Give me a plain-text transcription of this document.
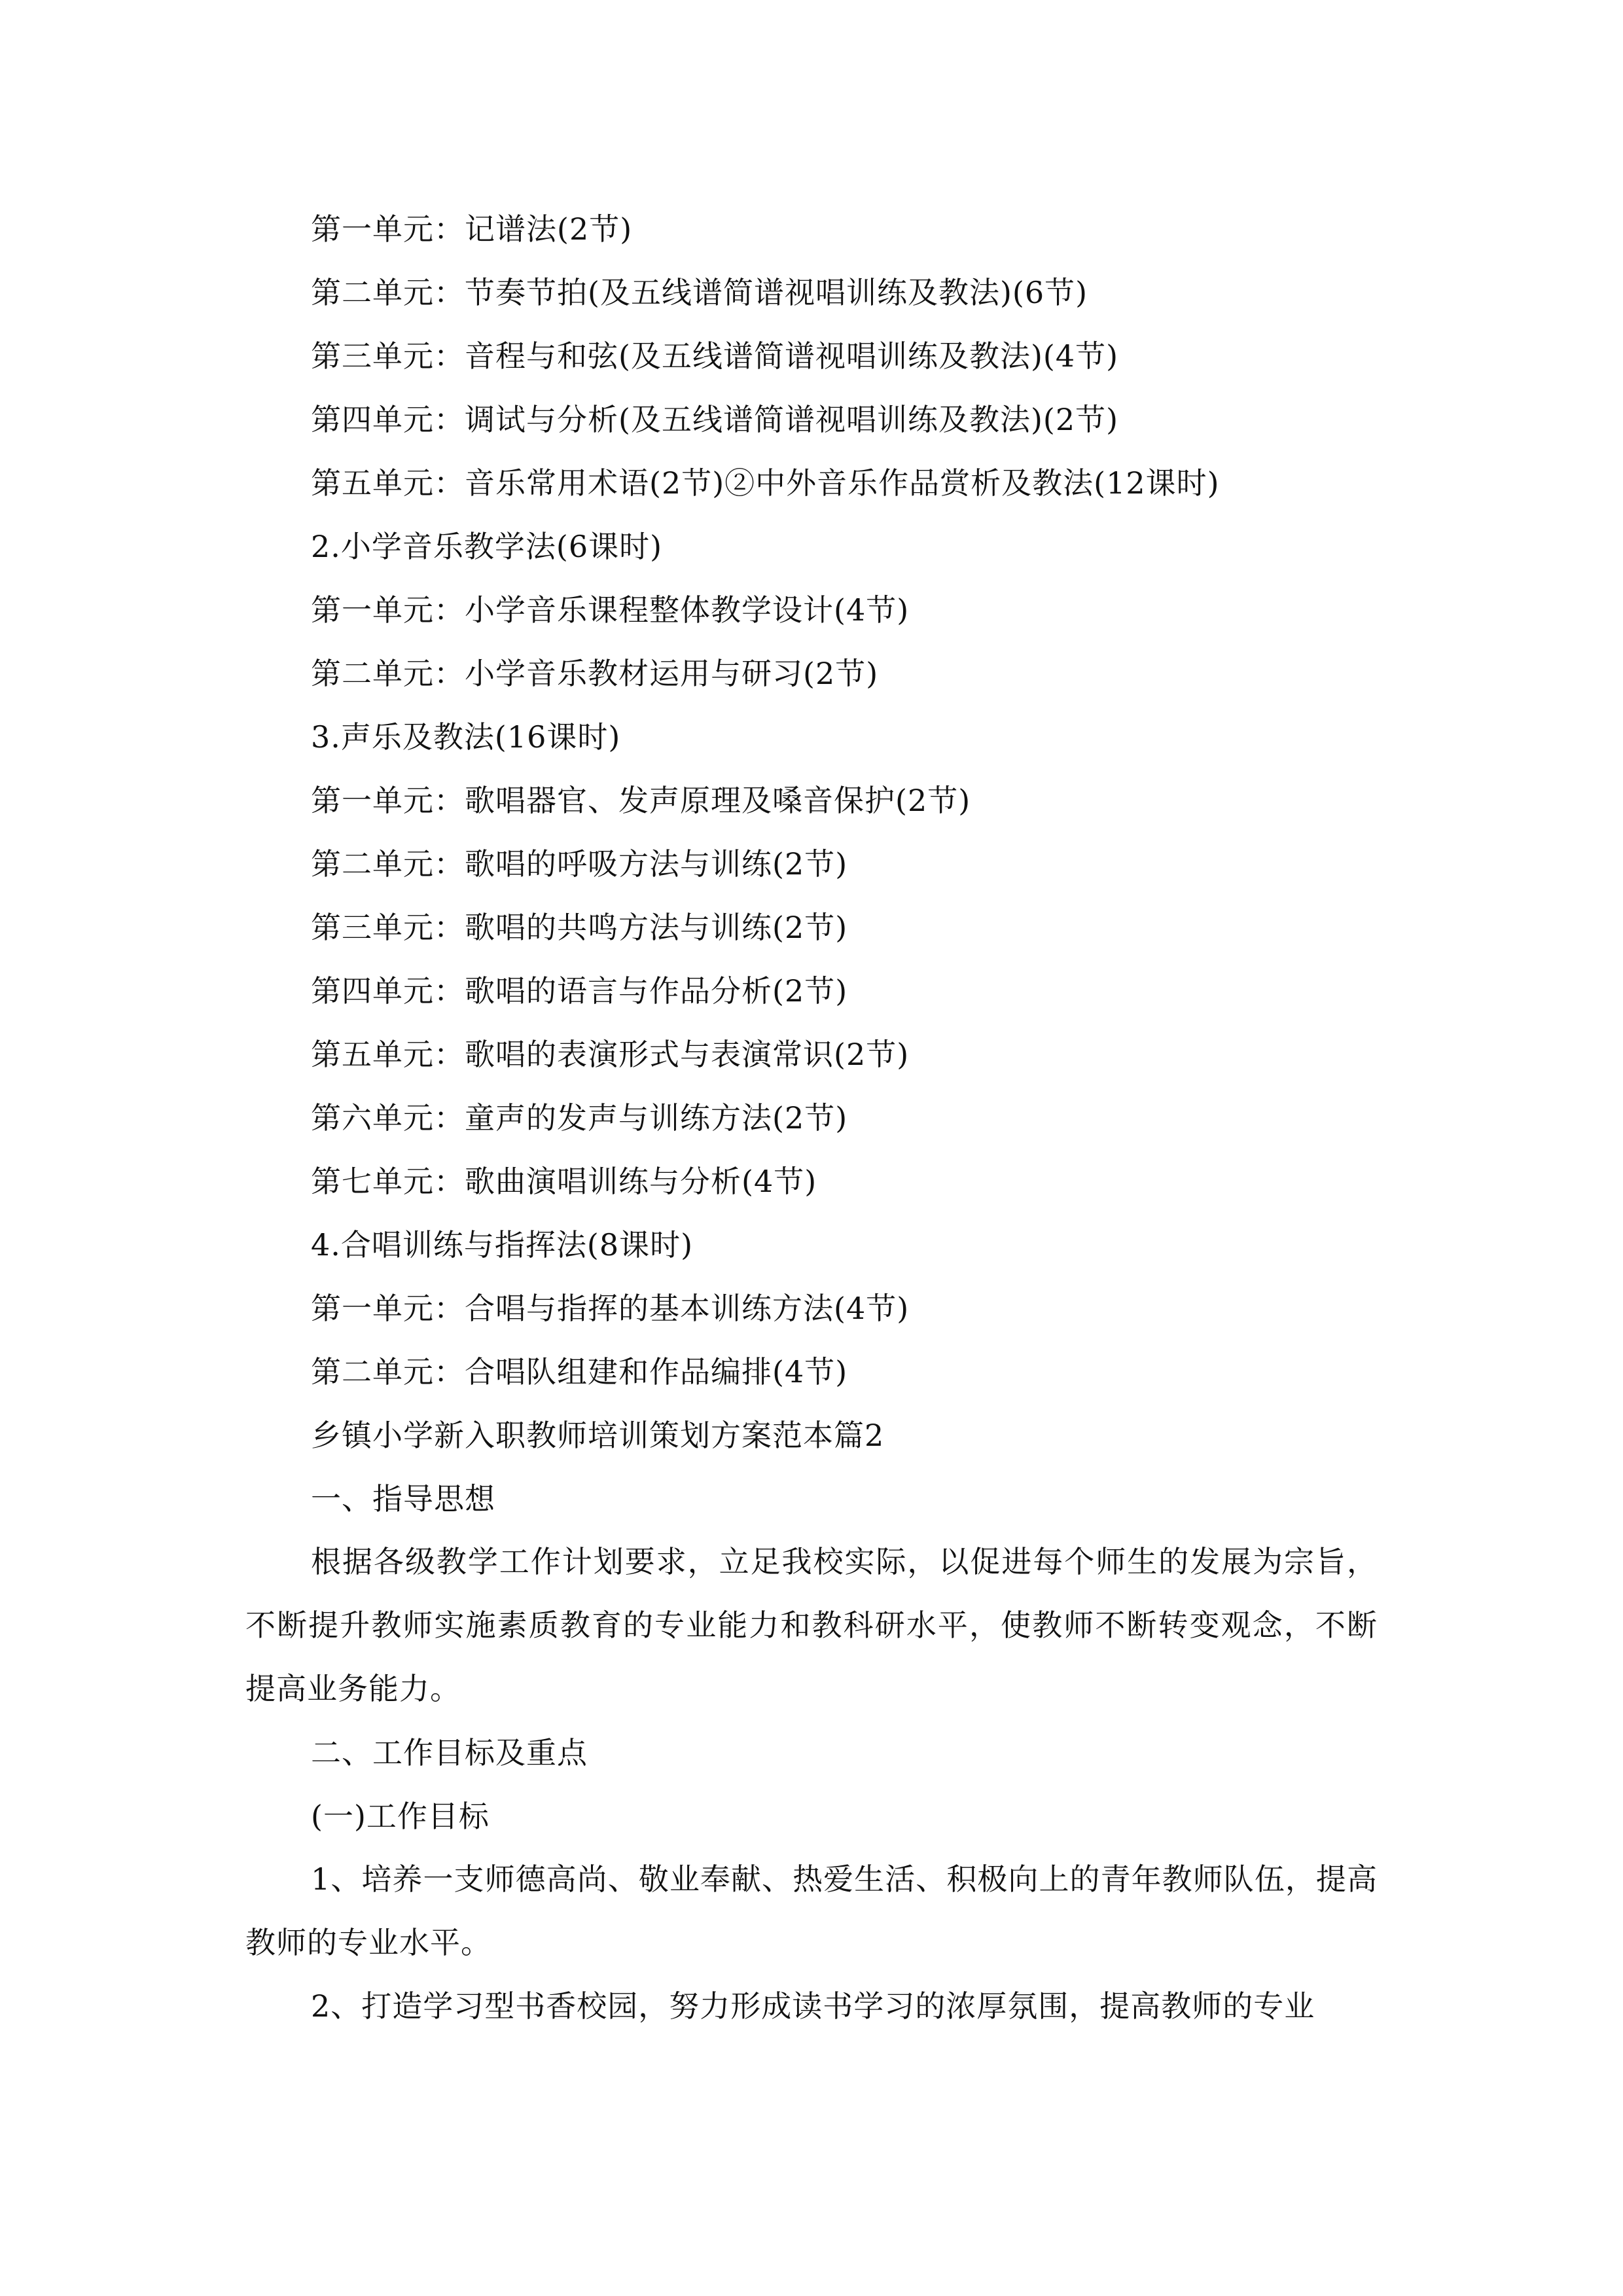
第一单元：记谱法(2节)
第二单元：节奏节拍(及五线谱简谱视唱训练及教法)(6节)
第三单元：音程与和弦(及五线谱简谱视唱训练及教法)(4节)
第四单元：调试与分析(及五线谱简谱视唱训练及教法)(2节)
第五单元：音乐常用术语(2节)②中外音乐作品赏析及教法(12课时)
2.小学音乐教学法(6课时)
第一单元：小学音乐课程整体教学设计(4节)
第二单元：小学音乐教材运用与研习(2节)
3.声乐及教法(16课时)
第一单元：歌唱器官、发声原理及嗓音保护(2节)
第二单元：歌唱的呼吸方法与训练(2节)
第三单元：歌唱的共鸣方法与训练(2节)
第四单元：歌唱的语言与作品分析(2节)
第五单元：歌唱的表演形式与表演常识(2节)
第六单元：童声的发声与训练方法(2节)
第七单元：歌曲演唱训练与分析(4节)
4.合唱训练与指挥法(8课时)
第一单元：合唱与指挥的基本训练方法(4节)
第二单元：合唱队组建和作品编排(4节)
乡镇小学新入职教师培训策划方案范本篇2
一、指导思想
根据各级教学工作计划要求，立足我校实际，以促进每个师生的发展为宗旨，不断提升教师实施素质教育的专业能力和教科研水平，使教师不断转变观念，不断提高业务能力。
二、工作目标及重点
(一)工作目标
1、培养一支师德高尚、敬业奉献、热爱生活、积极向上的青年教师队伍，提高教师的专业水平。
2、打造学习型书香校园，努力形成读书学习的浓厚氛围，提高教师的专业
